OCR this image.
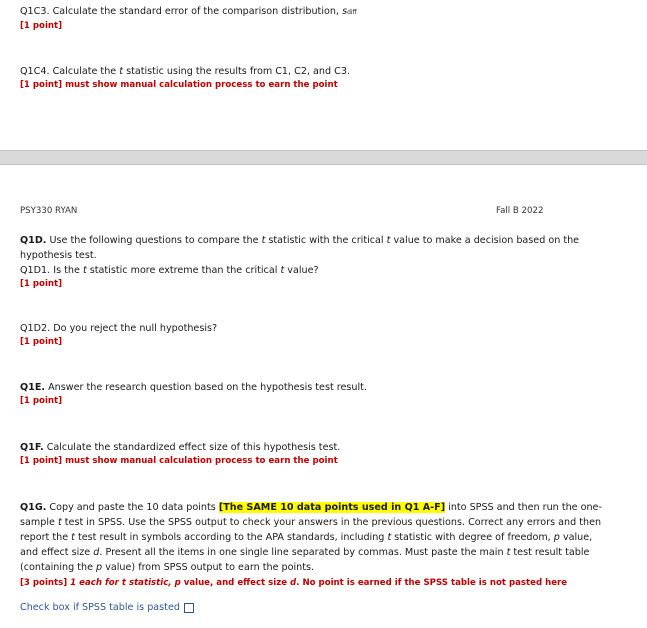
Q1C3. Calculate the standard error of the comparison distribution, sdiff
[1 point]
Q1C4. Calculate the t statistic using the results from C1, C2, and C3.
[1 point] must show manual calculation process to earn the point
PSY330 RYAN	Fall B 2022
Q1D. Use the following questions to compare the t statistic with the critical t value to make a decision based on the
hypothesis test.
Q1D1. Is the t statistic more extreme than the critical t value?
[1 point]
Q1D2. Do you reject the null hypothesis?
[1 point]
Q1E. Answer the research question based on the hypothesis test result.
[1 point]
Q1F. Calculate the standardized effect size of this hypothesis test.
[1 point] must show manual calculation process to earn the point
Q1G. Copy and paste the 10 data points [The SAME 10 data points used in Q1 A-F] into SPSS and then run the one-
sample t test in SPSS. Use the SPSS output to check your answers in the previous questions. Correct any errors and then
report the t test result in symbols according to the APA standards, including t statistic with degree of freedom, p value,
and effect size d. Present all the items in one single line separated by commas. Must paste the main t test result table
(containing the p value) from SPSS output to earn the points.
[3 points] 1 each for t statistic, p value, and effect size d. No point is earned if the SPSS table is not pasted here
Check box if SPSS table is pasted
